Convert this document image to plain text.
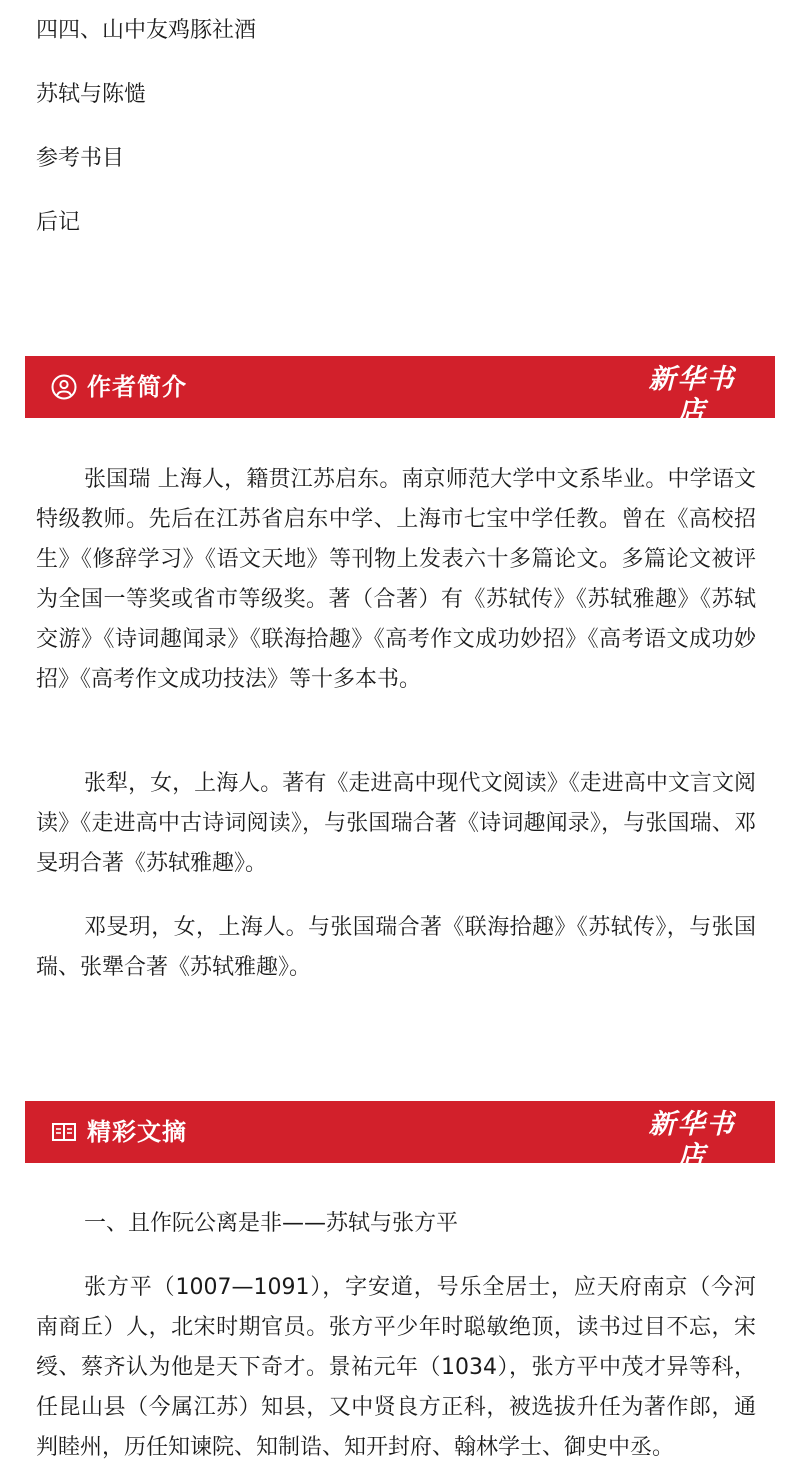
四四、山中友鸡豚社酒
苏轼与陈慥
参考书目
后记
作者简介	新华书店
XINHUA BOOKSTORE

张国瑞 上海人，籍贯江苏启东。南京师范大学中文系毕业。中学语文特级教师。先后在江苏省启东中学、上海市七宝中学任教。曾在《高校招生》《修辞学习》《语文天地》等刊物上发表六十多篇论文。多篇论文被评为全国一等奖或省市等级奖。著（合著）有《苏轼传》《苏轼雅趣》《苏轼交游》《诗词趣闻录》《联海拾趣》《高考作文成功妙招》《高考语文成功妙招》《高考作文成功技法》等十多本书。

张犁，女，上海人。著有《走进高中现代文阅读》《走进高中文言文阅读》《走进高中古诗词阅读》，与张国瑞合著《诗词趣闻录》，与张国瑞、邓旻玥合著《苏轼雅趣》。

邓旻玥，女，上海人。与张国瑞合著《联海拾趣》《苏轼传》，与张国瑞、张犟合著《苏轼雅趣》。

精彩文摘	新华书店
XINHUA BOOKSTORE

一、且作阮公离是非——苏轼与张方平

张方平（1007—1091），字安道，号乐全居士，应天府南京（今河南商丘）人，北宋时期官员。张方平少年时聪敏绝顶，读书过目不忘，宋绶、蔡齐认为他是天下奇才。景祐元年（1034），张方平中茂才异等科，任昆山县（今属江苏）知县，又中贤良方正科，被选拔升任为著作郎，通判睦州，历任知谏院、知制诰、知开封府、翰林学士、御史中丞。
